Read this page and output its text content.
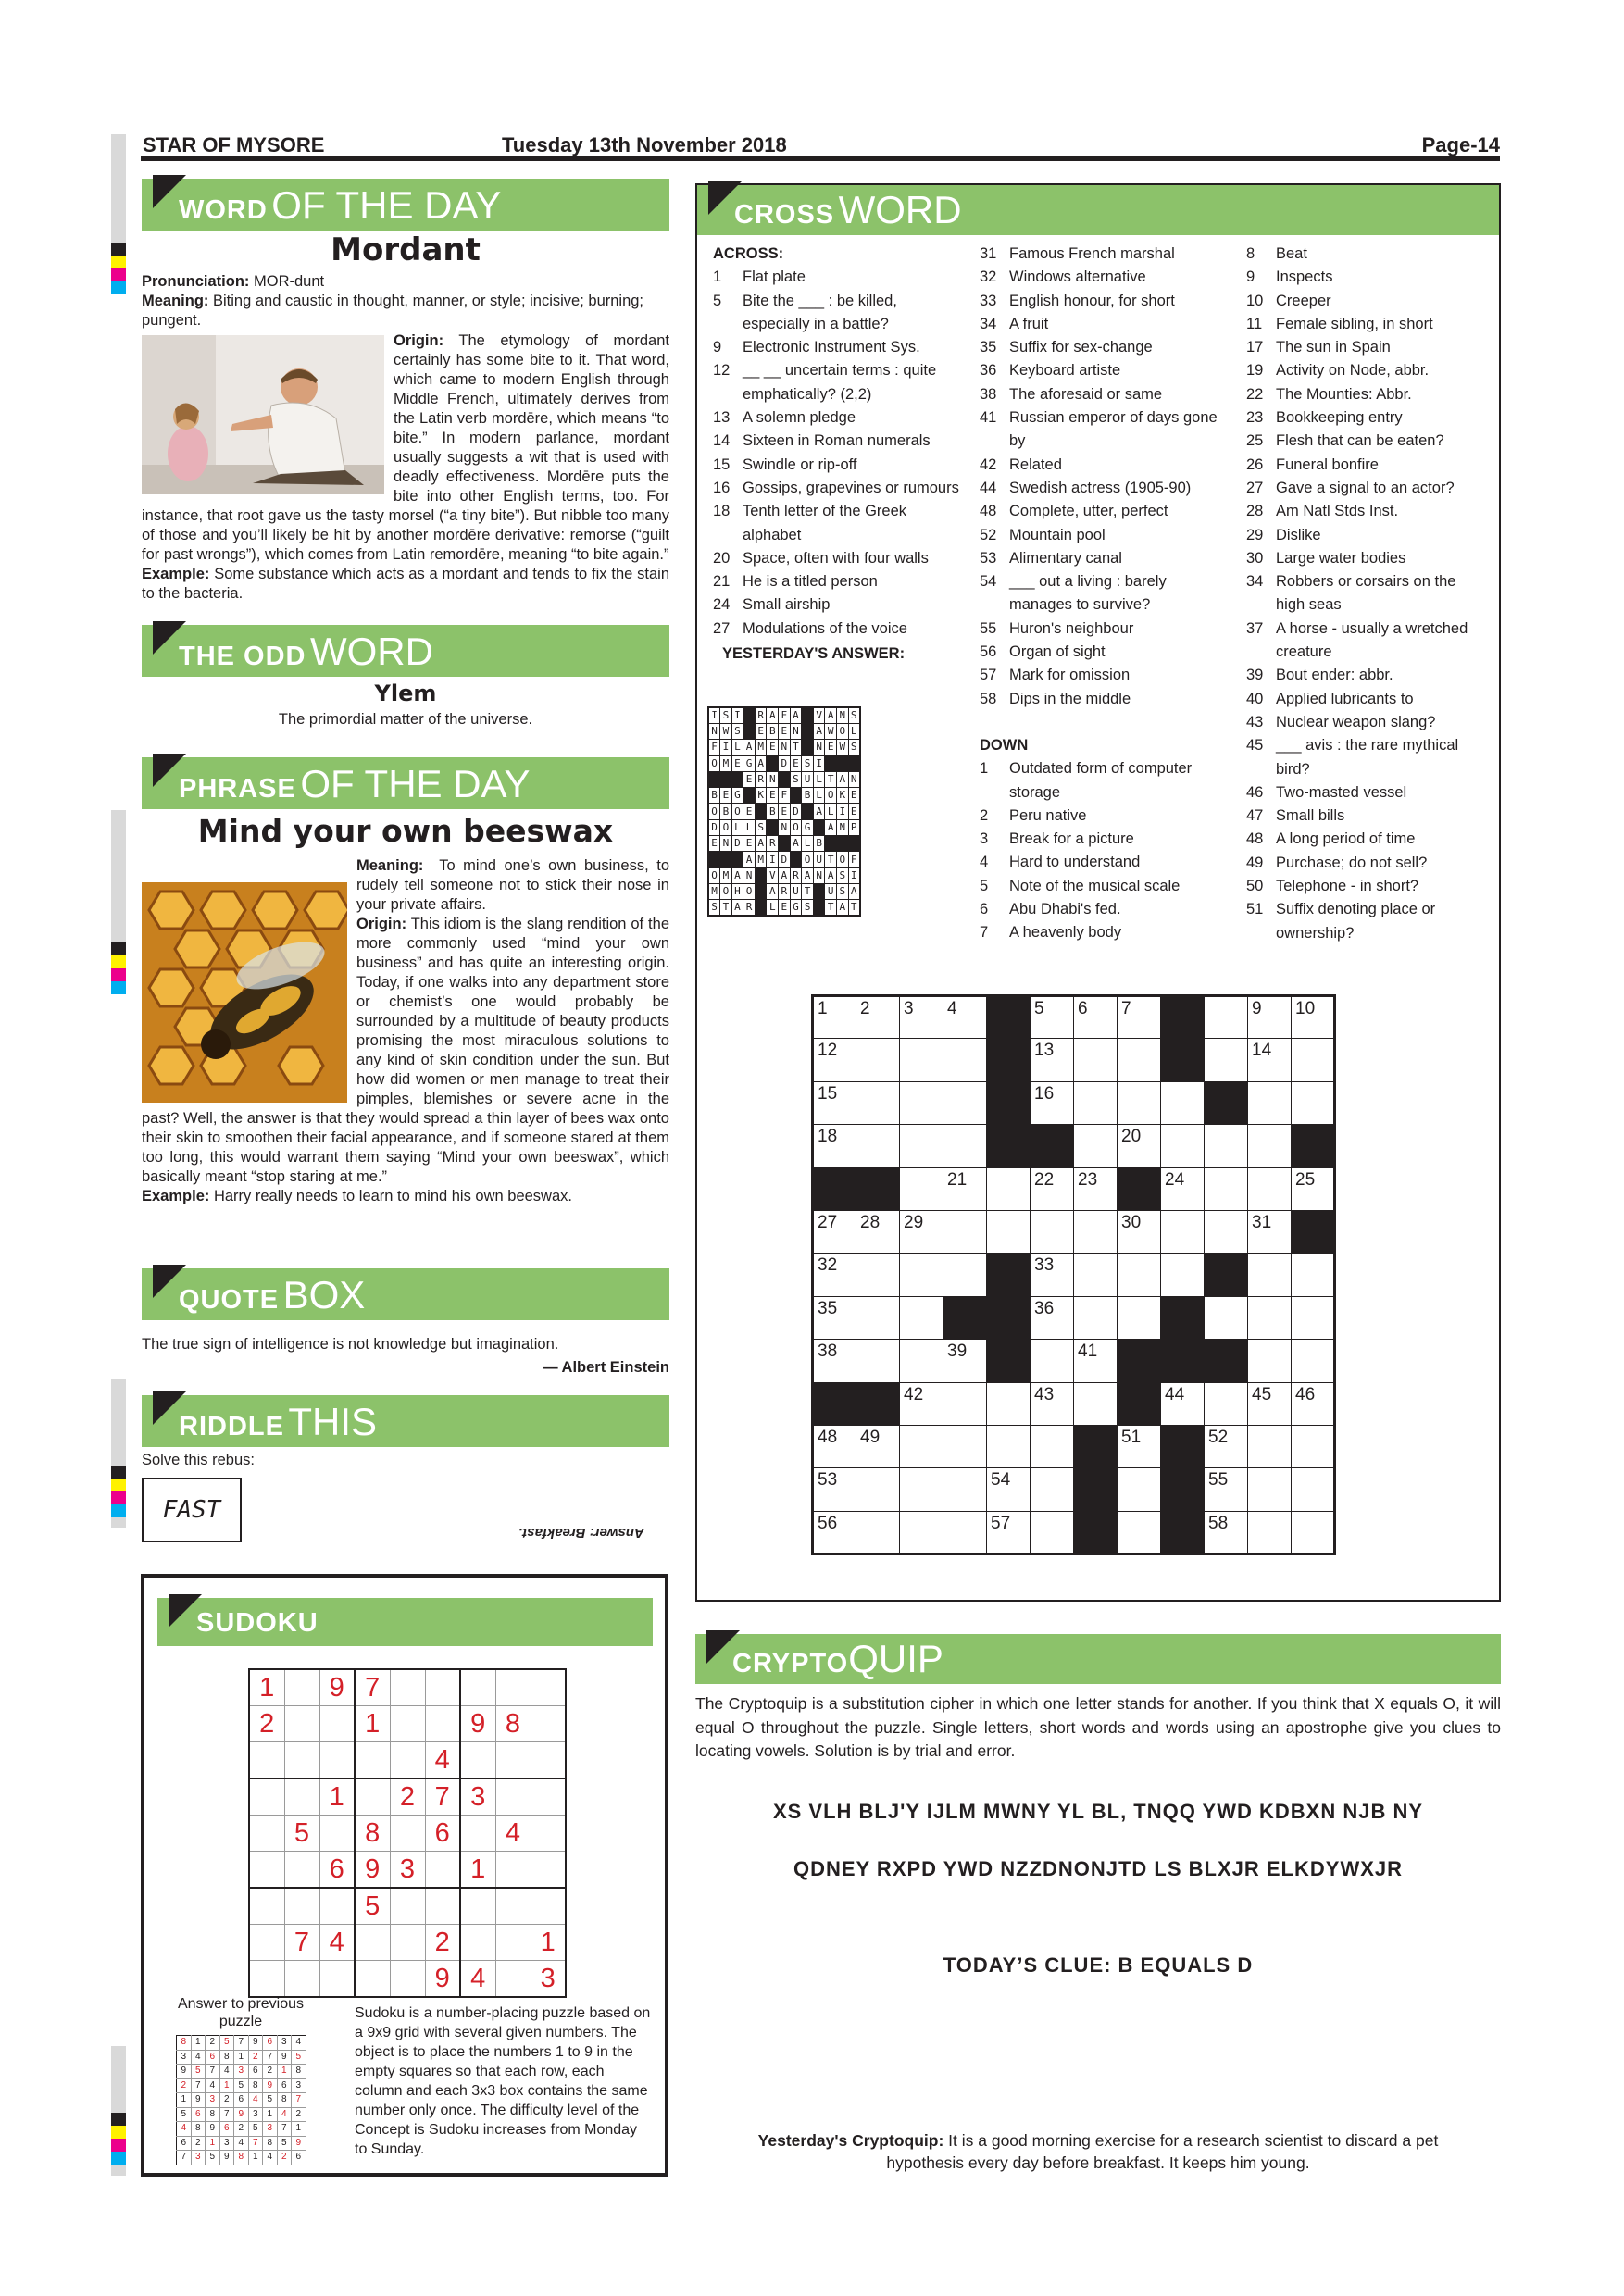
STAR OF MYSORE	Tuesday 13th November 2018	Page-14
WORD OF THE DAY
Mordant
Pronunciation: MOR-dunt
Meaning: Biting and caustic in thought, manner, or style; incisive; burning; pungent.
Origin: The etymology of mordant certainly has some bite to it. That word, which came to modern English through Middle French, ultimately derives from the Latin verb mordēre, which means “to bite.” In modern parlance, mordant usually suggests a wit that is used with deadly effectiveness. Mordēre puts the bite into other English terms, too. For instance, that root gave us the tasty morsel (“a tiny bite”). But nibble too many of those and you’ll likely be hit by another mordēre derivative: remorse (“guilt for past wrongs”), which comes from Latin remordēre, meaning “to bite again.”
Example: Some substance which acts as a mordant and tends to fix the stain to the bacteria.
THE ODD WORD
Ylem
The primordial matter of the universe.
PHRASE OF THE DAY
Mind your own beeswax
Meaning: To mind one’s own business, to rudely tell someone not to stick their nose in your private affairs.
Origin: This idiom is the slang rendition of the more commonly used “mind your own business” and has quite an interesting origin. Today, if one walks into any department store or chemist’s one would probably be surrounded by a multitude of beauty products promising the most miraculous solutions to any kind of skin condition under the sun. But how did women or men manage to treat their pimples, blemishes or severe acne in the past? Well, the answer is that they would spread a thin layer of bees wax onto their skin to smoothen their facial appearance, and if someone stared at them too long, this would warrant them saying “Mind your own beeswax”, which basically meant “stop staring at me.”
Example: Harry really needs to learn to mind his own beeswax.
QUOTE BOX
The true sign of intelligence is not knowledge but imagination.
— Albert Einstein
RIDDLE THIS
Solve this rebus:
FAST
Answer: Breakfast.
SUDOKU
1		9	7					
2			1			9	8	
					4			
		1		2	7	3		
	5		8		6		4	
		6	9	3		1		
			5					
	7	4			2			1
					9	4		3
Answer to previous puzzle
8	1	2	5	7	9	6	3	4
3	4	6	8	1	2	7	9	5
9	5	7	4	3	6	2	1	8
2	7	4	1	5	8	9	6	3
1	9	3	2	6	4	5	8	7
5	6	8	7	9	3	1	4	2
4	8	9	6	2	5	3	7	1
6	2	1	3	4	7	8	5	9
7	3	5	9	8	1	4	2	6
Sudoku is a number-placing puzzle based on a 9x9 grid with several given numbers. The object is to place the numbers 1 to 9 in the empty squares so that each row, each column and each 3x3 box contains the same number only once. The difficulty level of the Concept is Sudoku increases from Monday to Sunday.
CROSS WORD
ACROSS:
1	Flat plate
5	Bite the ___ : be killed, especially in a battle?
9	Electronic Instrument Sys.
12 __ __ uncertain terms : quite emphatically? (2,2)
13 A solemn pledge
14 Sixteen in Roman numerals
15 Swindle or rip-off
16 Gossips, grapevines or rumours
18 Tenth letter of the Greek alphabet
20 Space, often with four walls
21 He is a titled person
24 Small airship
27 Modulations of the voice
YESTERDAY'S ANSWER:
I	S	I		R	A	F	A		V	A	N	S
N	W	S		E	B	E	N		A	W	O	L
F	I	L	A	M	E	N	T		N	E	W	S
O	M	E	G	A		D	E	S	I			
			E	R	N		S	U	L	T	A	N
B	E	G		K	E	F		B	L	O	K	E
O	B	O	E		B	E	D		A	L	I	E
D	O	L	L	S		N	O	G		A	N	P
E	N	D	E	A	R		A	L	B			
			A	M	I	D		O	U	T	O	F
O	M	A	N		V	A	R	A	N	A	S	I
M	O	H	O		A	R	U	T		U	S	A
S	T	A	R		L	E	G	S		T	A	T
31 Famous French marshal
32 Windows alternative
33 English honour, for short
34 A fruit
35 Suffix for sex-change
36 Keyboard artiste
38 The aforesaid or same
41 Russian emperor of days gone by
42 Related
44 Swedish actress (1905-90)
48 Complete, utter, perfect
52 Mountain pool
53 Alimentary canal
54 ___ out a living : barely manages to survive?
55 Huron's neighbour
56 Organ of sight
57 Mark for omission
58 Dips in the middle
DOWN
1	Outdated form of computer storage
2	Peru native
3	Break for a picture
4	Hard to understand
5	Note of the musical scale
6	Abu Dhabi's fed.
7	A heavenly body
8	Beat
9	Inspects
10 Creeper
11 Female sibling, in short
17 The sun in Spain
19 Activity on Node, abbr.
22 The Mounties: Abbr.
23 Bookkeeping entry
25 Flesh that can be eaten?
26 Funeral bonfire
27 Gave a signal to an actor?
28 Am Natl Stds Inst.
29 Dislike
30 Large water bodies
34 Robbers or corsairs on the high seas
37 A horse - usually a wretched creature
39 Bout ender: abbr.
40 Applied lubricants to
43 Nuclear weapon slang?
45 ___ avis : the rare mythical bird?
46 Two-masted vessel
47 Small bills
48 A long period of time
49 Purchase; do not sell?
50 Telephone - in short?
51 Suffix denoting place or ownership?
1	2	3	4		5	6	7			9	10

12					13					14	

15					16						

18							20				

			21		22	23		24			25

27	28	29					30			31	

32					33						

35					36						

38			39			41					

		42			43			44		45	46

48	49						51		52		

53				54					55		

56				57					58		

CRYPTOQUIP
The Cryptoquip is a substitution cipher in which one letter stands for another. If you think that X equals O, it will equal O throughout the puzzle. Single letters, short words and words using an apostrophe give you clues to locating vowels. Solution is by trial and error.
XS VLH BLJ'Y IJLM MWNY YL BL, TNQQ YWD KDBXN NJB NY
QDNEY RXPD YWD NZZDNONJTD LS BLXJR ELKDYWXJR
TODAY’S CLUE: B EQUALS D
Yesterday's Cryptoquip: It is a good morning exercise for a research scientist to discard a pet hypothesis every day before breakfast. It keeps him young.
